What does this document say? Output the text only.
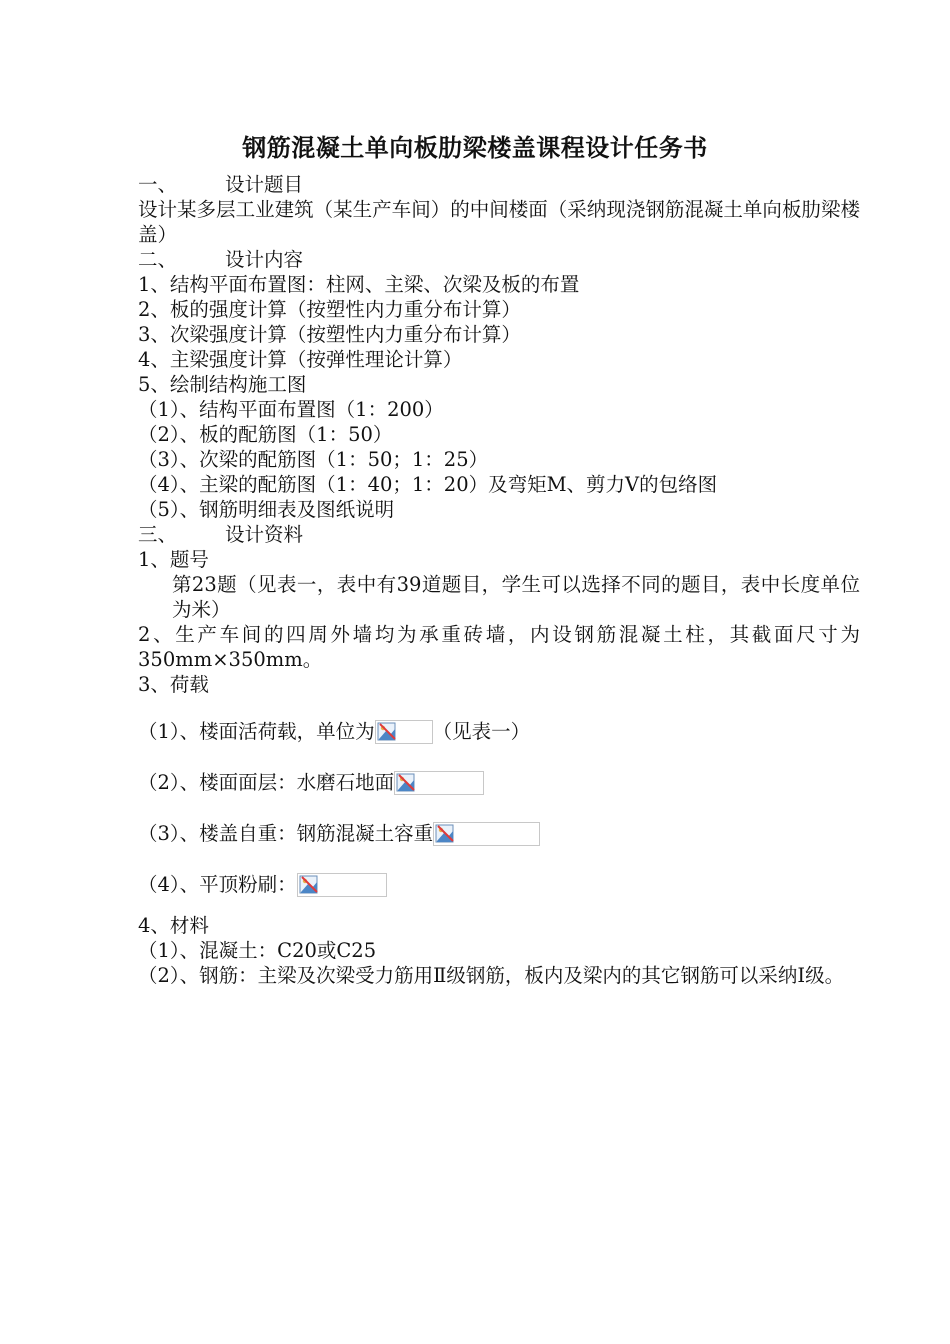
钢筋混凝土单向板肋梁楼盖课程设计任务书
一、 设计题目
设计某多层工业建筑（某生产车间）的中间楼面（采纳现浇钢筋混凝土单向板肋梁楼盖）
二、 设计内容
1、结构平面布置图：柱网、主梁、次梁及板的布置
2、板的强度计算（按塑性内力重分布计算）
3、次梁强度计算（按塑性内力重分布计算）
4、主梁强度计算（按弹性理论计算）
5、绘制结构施工图
（1）、结构平面布置图（1：200）
（2）、板的配筋图（1：50）
（3）、次梁的配筋图（1：50；1：25）
（4）、主梁的配筋图（1：40；1：20）及弯矩M、剪力V的包络图
（5）、钢筋明细表及图纸说明
三、 设计资料
1、题号
第23题（见表一，表中有39道题目，学生可以选择不同的题目，表中长度单位为米）
2、生产车间的四周外墙均为承重砖墙，内设钢筋混凝土柱，其截面尺寸为350mm×350mm。
3、荷载
（1）、楼面活荷载，单位为	（见表一）
（2）、楼面面层：水磨石地面
（3）、楼盖自重：钢筋混凝土容重
（4）、平顶粉刷：
4、材料
（1）、混凝土：C20或C25
（2）、钢筋：主梁及次梁受力筋用Ⅱ级钢筋，板内及梁内的其它钢筋可以采纳Ⅰ级。
